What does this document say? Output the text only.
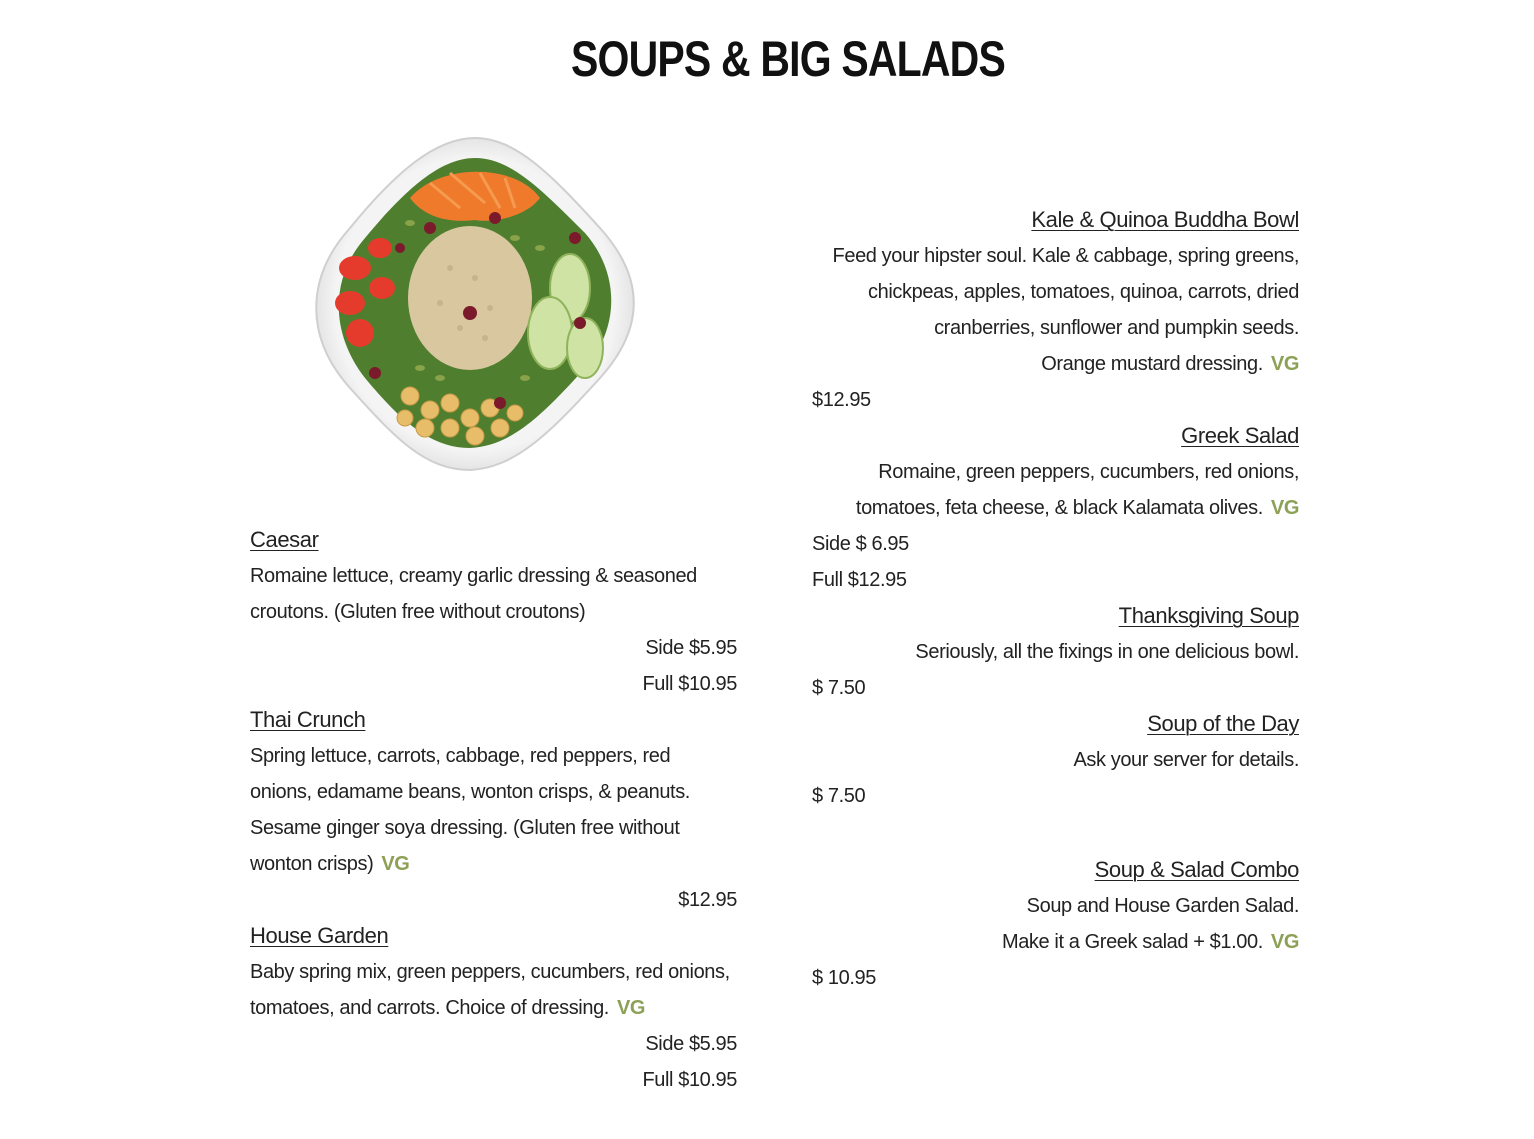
SOUPS & BIG SALADS
Caesar
Romaine lettuce, creamy garlic dressing & seasoned croutons. (Gluten free without croutons)
Side $5.95
Full $10.95
Thai Crunch
Spring lettuce, carrots, cabbage, red peppers, red onions, edamame beans, wonton crisps, & peanuts. Sesame ginger soya dressing. (Gluten free without wonton crisps) VG
$12.95
House Garden
Baby spring mix, green peppers, cucumbers, red onions, tomatoes, and carrots. Choice of dressing. VG
Side $5.95
Full $10.95
Kale & Quinoa Buddha Bowl
Feed your hipster soul. Kale & cabbage, spring greens,
chickpeas, apples, tomatoes, quinoa, carrots, dried
cranberries, sunflower and pumpkin seeds.
Orange mustard dressing. VG
$12.95
Greek Salad
Romaine, green peppers, cucumbers, red onions,
tomatoes, feta cheese, & black Kalamata olives. VG
Side $ 6.95
Full $12.95
Thanksgiving Soup
Seriously, all the fixings in one delicious bowl.
$ 7.50
Soup of the Day
Ask your server for details.
$ 7.50
Soup & Salad Combo
Soup and House Garden Salad.
Make it a Greek salad + $1.00. VG
$ 10.95
